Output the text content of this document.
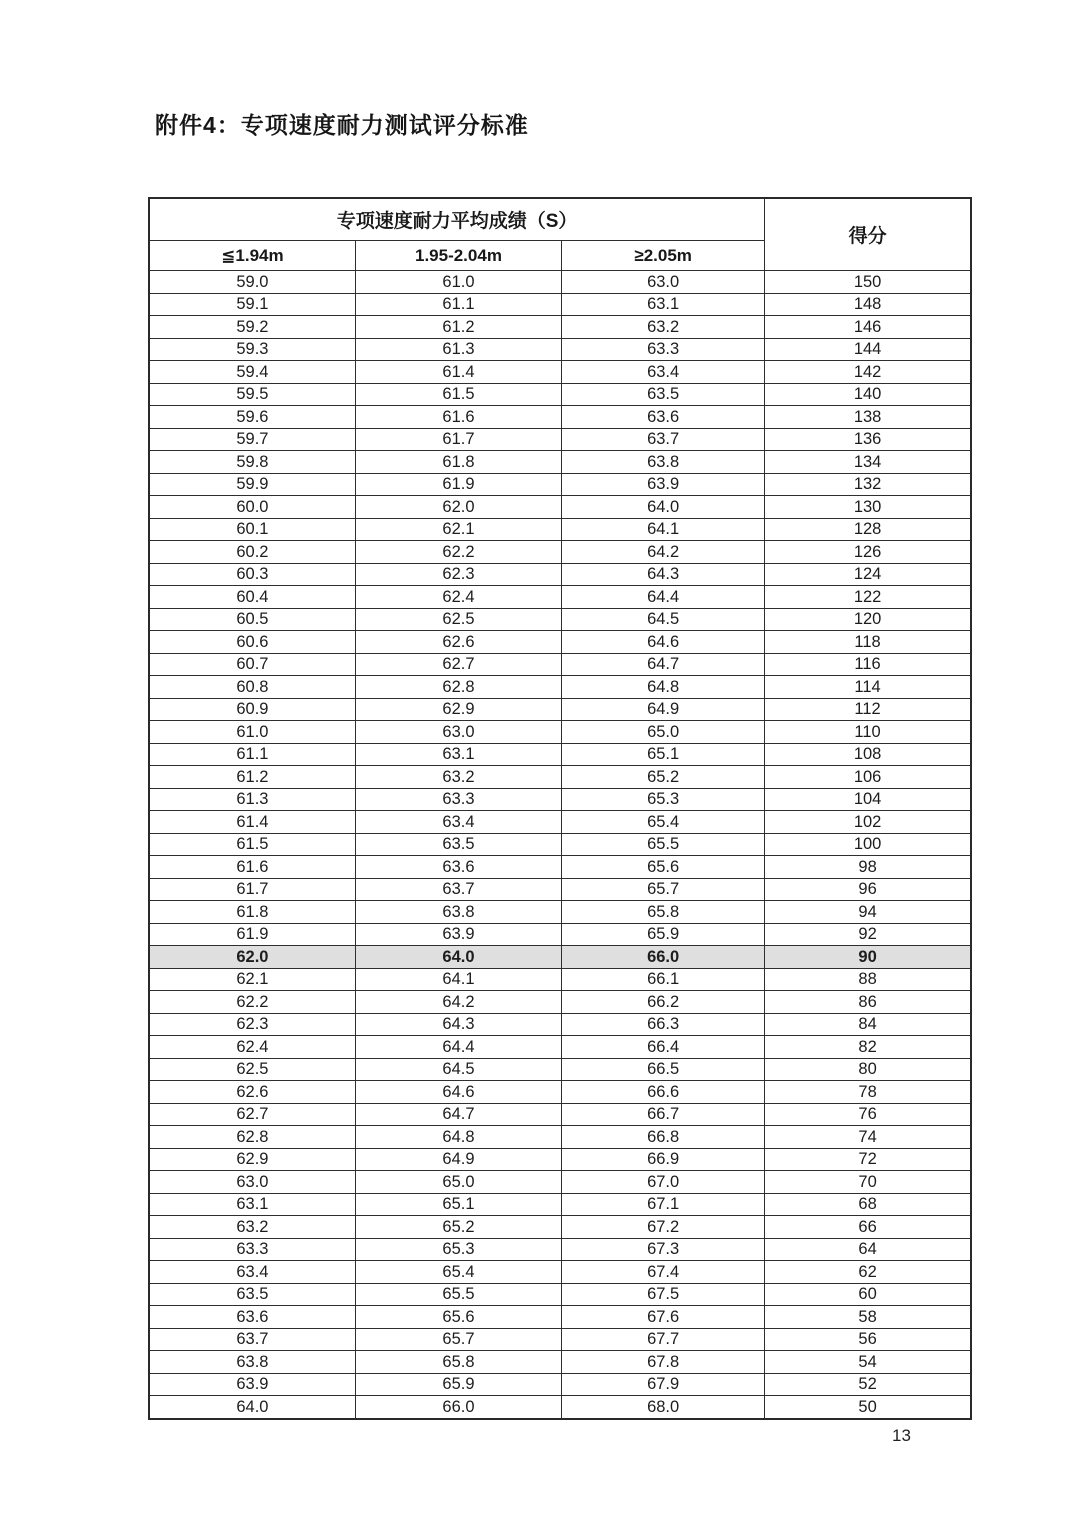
附件4：专项速度耐力测试评分标准
专项速度耐力平均成绩（S）			得分
≦1.94m	1.95-2.04m	≥2.05m	
59.0	61.0	63.0	150
59.1	61.1	63.1	148
59.2	61.2	63.2	146
59.3	61.3	63.3	144
59.4	61.4	63.4	142
59.5	61.5	63.5	140
59.6	61.6	63.6	138
59.7	61.7	63.7	136
59.8	61.8	63.8	134
59.9	61.9	63.9	132
60.0	62.0	64.0	130
60.1	62.1	64.1	128
60.2	62.2	64.2	126
60.3	62.3	64.3	124
60.4	62.4	64.4	122
60.5	62.5	64.5	120
60.6	62.6	64.6	118
60.7	62.7	64.7	116
60.8	62.8	64.8	114
60.9	62.9	64.9	112
61.0	63.0	65.0	110
61.1	63.1	65.1	108
61.2	63.2	65.2	106
61.3	63.3	65.3	104
61.4	63.4	65.4	102
61.5	63.5	65.5	100
61.6	63.6	65.6	98
61.7	63.7	65.7	96
61.8	63.8	65.8	94
61.9	63.9	65.9	92
62.0	64.0	66.0	90
62.1	64.1	66.1	88
62.2	64.2	66.2	86
62.3	64.3	66.3	84
62.4	64.4	66.4	82
62.5	64.5	66.5	80
62.6	64.6	66.6	78
62.7	64.7	66.7	76
62.8	64.8	66.8	74
62.9	64.9	66.9	72
63.0	65.0	67.0	70
63.1	65.1	67.1	68
63.2	65.2	67.2	66
63.3	65.3	67.3	64
63.4	65.4	67.4	62
63.5	65.5	67.5	60
63.6	65.6	67.6	58
63.7	65.7	67.7	56
63.8	65.8	67.8	54
63.9	65.9	67.9	52
64.0	66.0	68.0	50
13
